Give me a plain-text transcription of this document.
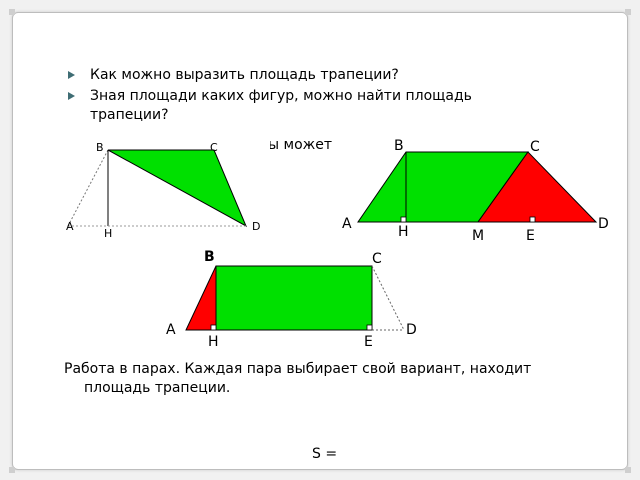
Как можно выразить площадь трапеции?
Зная площади каких фигур, можно найти площадь трапеции?
ы может
B	C
A
H
D
B	C
A	H	M	E
D
B	C
A
H	E
D
Работа в парах. Каждая пара выбирает свой вариант, находит
площадь трапеции.
S =
